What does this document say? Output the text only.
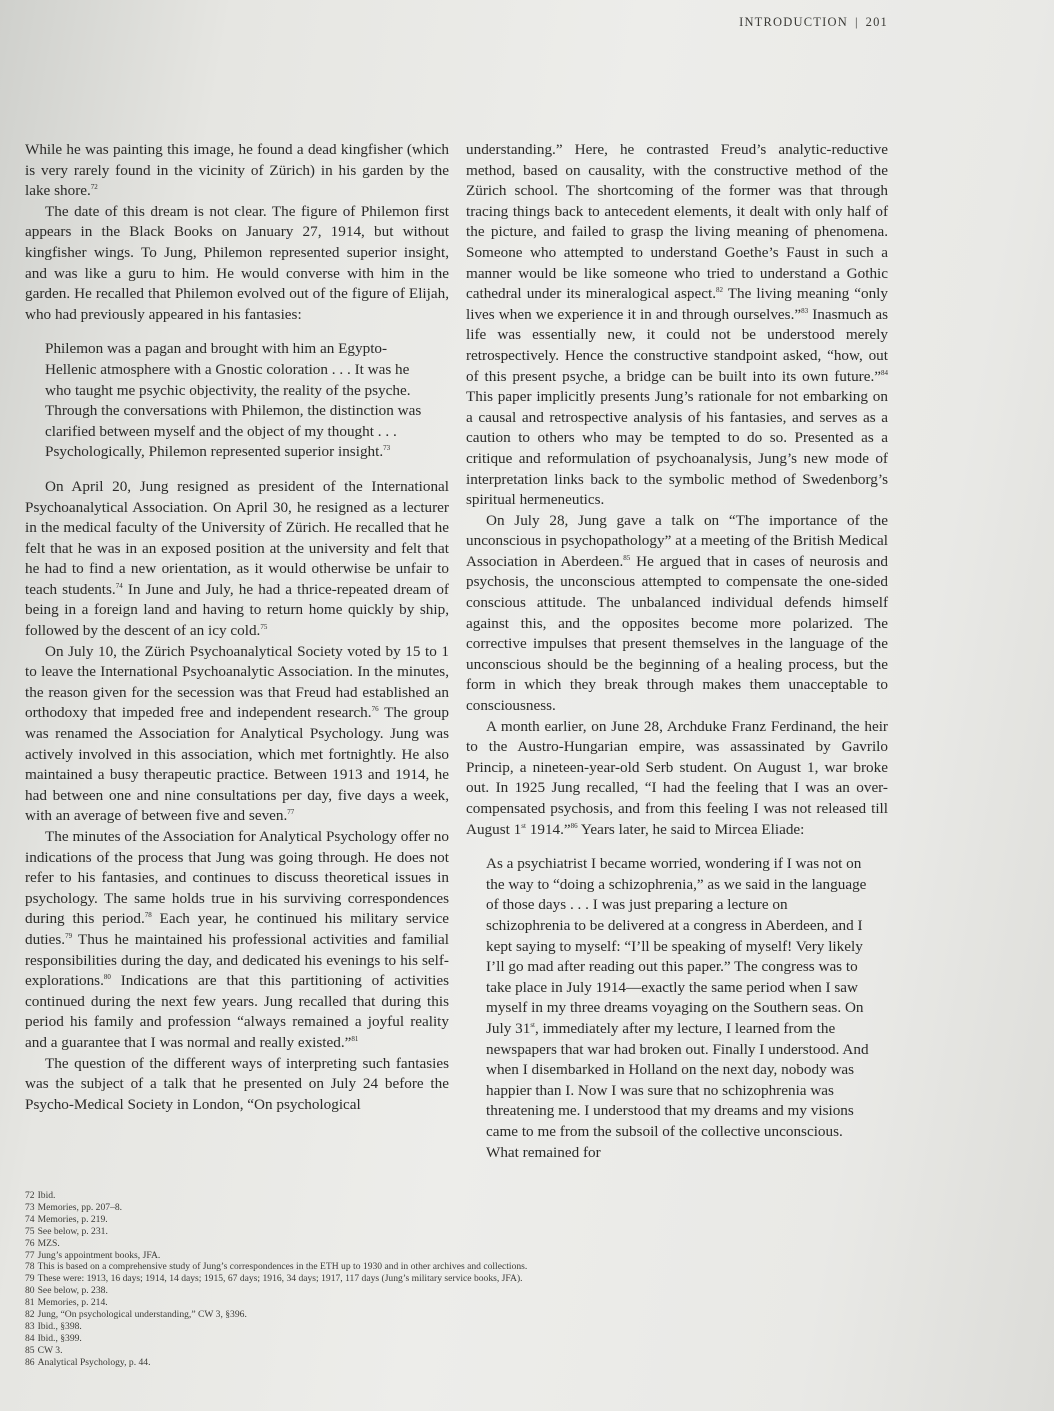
INTRODUCTION | 201

While he was painting this image, he found a dead kingfisher (which is very rarely found in the vicinity of Zürich) in his garden by the lake shore.$^{72}$

The date of this dream is not clear. The figure of Philemon first appears in the Black Books on January 27, 1914, but without kingfisher wings. To Jung, Philemon represented superior insight, and was like a guru to him. He would converse with him in the garden. He recalled that Philemon evolved out of the figure of Elijah, who had previously appeared in his fantasies:

Philemon was a pagan and brought with him an Egypto-Hellenic atmosphere with a Gnostic coloration . . . It was he who taught me psychic objectivity, the reality of the psyche. Through the conversations with Philemon, the distinction was clarified between myself and the object of my thought . . . Psychologically, Philemon represented superior insight.$^{73}$

On April 20, Jung resigned as president of the International Psychoanalytical Association. On April 30, he resigned as a lecturer in the medical faculty of the University of Zürich. He recalled that he felt that he was in an exposed position at the university and felt that he had to find a new orientation, as it would otherwise be unfair to teach students.$^{74}$ In June and July, he had a thrice-repeated dream of being in a foreign land and having to return home quickly by ship, followed by the descent of an icy cold.$^{75}$

On July 10, the Zürich Psychoanalytical Society voted by 15 to 1 to leave the International Psychoanalytic Association. In the minutes, the reason given for the secession was that Freud had established an orthodoxy that impeded free and independent research.$^{76}$ The group was renamed the Association for Analytical Psychology. Jung was actively involved in this association, which met fortnightly. He also maintained a busy therapeutic practice. Between 1913 and 1914, he had between one and nine consultations per day, five days a week, with an average of between five and seven.$^{77}$

The minutes of the Association for Analytical Psychology offer no indications of the process that Jung was going through. He does not refer to his fantasies, and continues to discuss theoretical issues in psychology. The same holds true in his surviving correspondences during this period.$^{78}$ Each year, he continued his military service duties.$^{79}$ Thus he maintained his professional activities and familial responsibilities during the day, and dedicated his evenings to his self-explorations.$^{80}$ Indications are that this partitioning of activities continued during the next few years. Jung recalled that during this period his family and profession “always remained a joyful reality and a guarantee that I was normal and really existed.”$^{81}$

The question of the different ways of interpreting such fantasies was the subject of a talk that he presented on July 24 before the Psycho-Medical Society in London, “On psychological

understanding.” Here, he contrasted Freud’s analytic-reductive method, based on causality, with the constructive method of the Zürich school. The shortcoming of the former was that through tracing things back to antecedent elements, it dealt with only half of the picture, and failed to grasp the living meaning of phenomena. Someone who attempted to understand Goethe’s Faust in such a manner would be like someone who tried to understand a Gothic cathedral under its mineralogical aspect.$^{82}$ The living meaning “only lives when we experience it in and through ourselves.”$^{83}$ Inasmuch as life was essentially new, it could not be understood merely retrospectively. Hence the constructive standpoint asked, “how, out of this present psyche, a bridge can be built into its own future.”$^{84}$ This paper implicitly presents Jung’s rationale for not embarking on a causal and retrospective analysis of his fantasies, and serves as a caution to others who may be tempted to do so. Presented as a critique and reformulation of psychoanalysis, Jung’s new mode of interpretation links back to the symbolic method of Swedenborg’s spiritual hermeneutics.

On July 28, Jung gave a talk on “The importance of the unconscious in psychopathology” at a meeting of the British Medical Association in Aberdeen.$^{85}$ He argued that in cases of neurosis and psychosis, the unconscious attempted to compensate the one-sided conscious attitude. The unbalanced individual defends himself against this, and the opposites become more polarized. The corrective impulses that present themselves in the language of the unconscious should be the beginning of a healing process, but the form in which they break through makes them unacceptable to consciousness.

A month earlier, on June 28, Archduke Franz Ferdinand, the heir to the Austro-Hungarian empire, was assassinated by Gavrilo Princip, a nineteen-year-old Serb student. On August 1, war broke out. In 1925 Jung recalled, “I had the feeling that I was an over-compensated psychosis, and from this feeling I was not released till August 1st 1914.”$^{86}$ Years later, he said to Mircea Eliade:

As a psychiatrist I became worried, wondering if I was not on the way to “doing a schizophrenia,” as we said in the language of those days . . . I was just preparing a lecture on schizophrenia to be delivered at a congress in Aberdeen, and I kept saying to myself: “I’ll be speaking of myself! Very likely I’ll go mad after reading out this paper.” The congress was to take place in July 1914—exactly the same period when I saw myself in my three dreams voyaging on the Southern seas. On July 31st, immediately after my lecture, I learned from the newspapers that war had broken out. Finally I understood. And when I disembarked in Holland on the next day, nobody was happier than I. Now I was sure that no schizophrenia was threatening me. I understood that my dreams and my visions came to me from the subsoil of the collective unconscious. What remained for

72 Ibid.
73 Memories, pp. 207–8.
74 Memories, p. 219.
75 See below, p. 231.
76 MZS.
77 Jung’s appointment books, JFA.
78 This is based on a comprehensive study of Jung’s correspondences in the ETH up to 1930 and in other archives and collections.
79 These were: 1913, 16 days; 1914, 14 days; 1915, 67 days; 1916, 34 days; 1917, 117 days (Jung’s military service books, JFA).
80 See below, p. 238.
81 Memories, p. 214.
82 Jung, “On psychological understanding,” CW 3, §396.
83 Ibid., §398.
84 Ibid., §399.
85 CW 3.
86 Analytical Psychology, p. 44.
